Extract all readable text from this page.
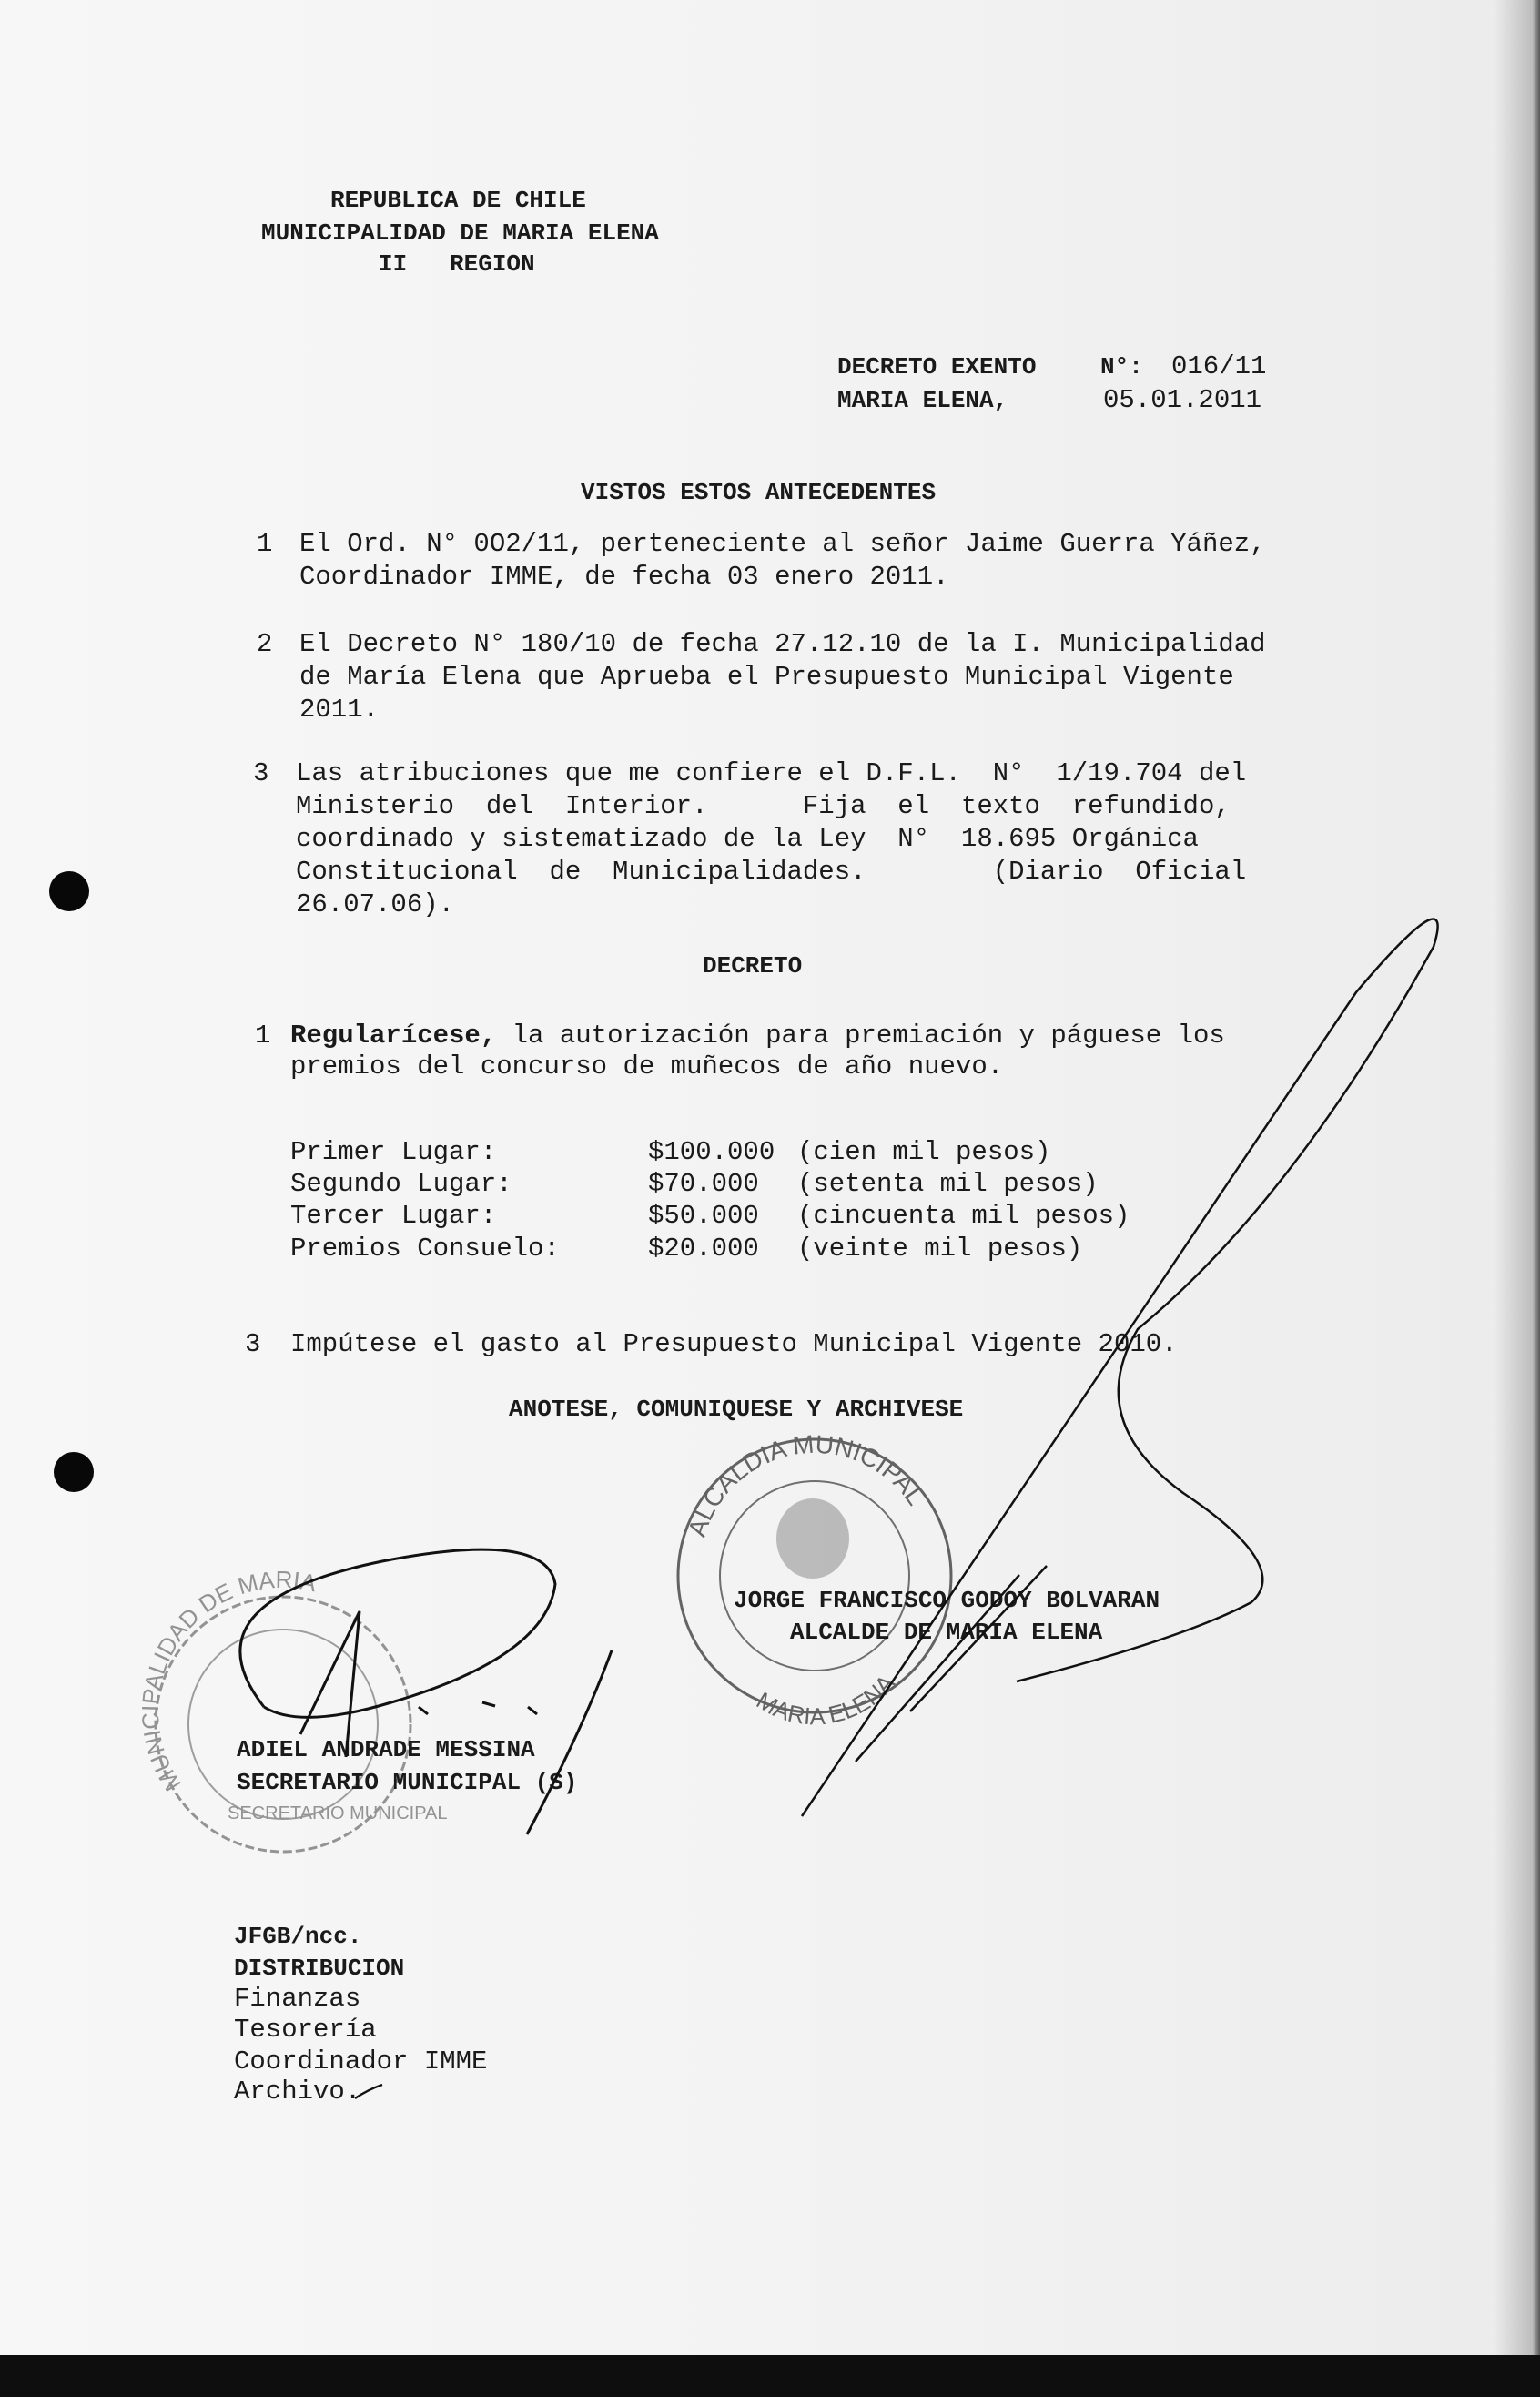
REPUBLICA DE CHILE
MUNICIPALIDAD DE MARIA ELENA
II   REGION
DECRETO EXENTO	N°: 016/11
MARIA ELENA,	05.01.2011
VISTOS ESTOS ANTECEDENTES
1 El Ord. N° 0O2/11, perteneciente al señor Jaime Guerra Yáñez,
Coordinador IMME, de fecha 03 enero 2011.
2 El Decreto N° 180/10 de fecha 27.12.10 de la I. Municipalidad
de María Elena que Aprueba el Presupuesto Municipal Vigente
2011.
3 Las atribuciones que me confiere el D.F.L.  N°  1/19.704 del
Ministerio  del  Interior.      Fija  el  texto  refundido,
coordinado y sistematizado de la Ley  N°  18.695 Orgánica
Constitucional  de  Municipalidades.        (Diario  Oficial
26.07.06).
DECRETO
1 Regularícese, la autorización para premiación y páguese los
premios del concurso de muñecos de año nuevo.
Primer Lugar:	$100.000 (cien mil pesos)
Segundo Lugar:	$70.000 (setenta mil pesos)
Tercer Lugar:	$50.000 (cincuenta mil pesos)
Premios Consuelo:	$20.000 (veinte mil pesos)
3 Impútese el gasto al Presupuesto Municipal Vigente 2010.
ANOTESE, COMUNIQUESE Y ARCHIVESE
ALCALDIA MUNICIPAL
MARIA ELENA
MUNICIPALIDAD DE MARIA
SECRETARIO MUNICIPAL
JORGE FRANCISCO GODOY BOLVARAN
ALCALDE DE MARIA ELENA
ADIEL ANDRADE MESSINA
SECRETARIO MUNICIPAL (S)
JFGB/ncc.
DISTRIBUCION
Finanzas
Tesorería
Coordinador IMME
Archivo.
